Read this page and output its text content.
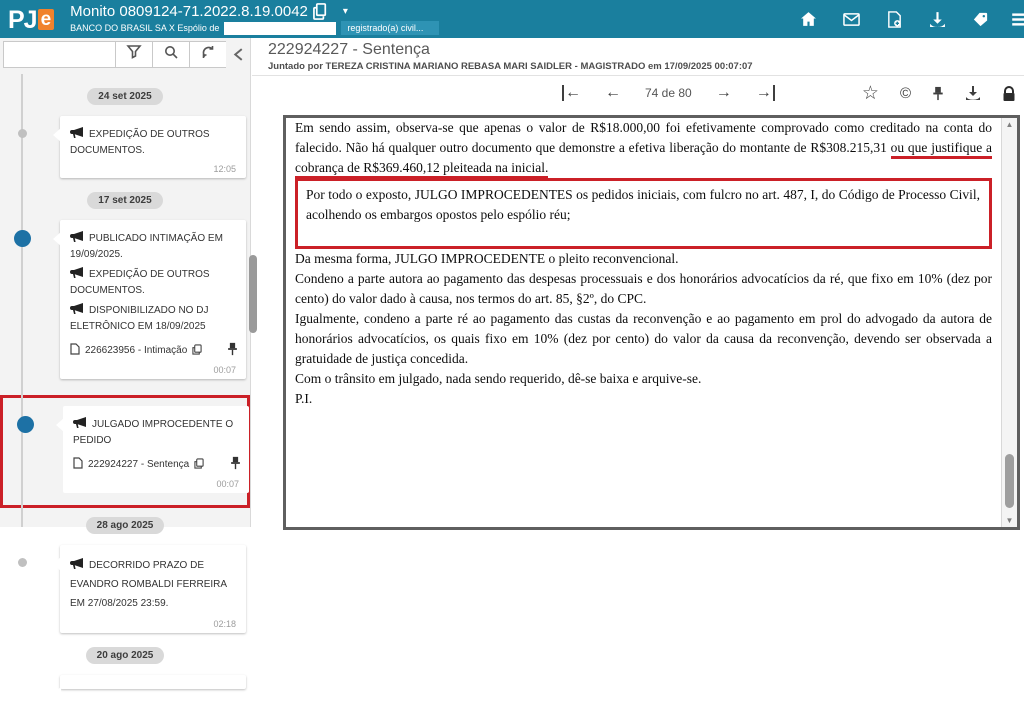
PJ e Monito 0809124-71.2022.8.19.0042	▾
BANCO DO BRASIL SA X Espólio de	registrado(a) civil...
24 set 2025
EXPEDIÇÃO DE OUTROS DOCUMENTOS.
12:05
17 set 2025
PUBLICADO INTIMAÇÃO EM 19/09/2025.
EXPEDIÇÃO DE OUTROS DOCUMENTOS.
DISPONIBILIZADO NO DJ ELETRÔNICO EM 18/09/2025
226623956 - Intimação
00:07
JULGADO IMPROCEDENTE O PEDIDO
222924227 - Sentença
00:07
28 ago 2025
DECORRIDO PRAZO DE EVANDRO ROMBALDI FERREIRA EM 27/08/2025 23:59.
02:18
20 ago 2025
222924227 - Sentença
Juntado por TEREZA CRISTINA MARIANO REBASA MARI SAIDLER - MAGISTRADO em 17/09/2025 00:07:07
← ← 74 de 80 → →	☆ ©

Em sendo assim, observa-se que apenas o valor de R$18.000,00 foi efetivamente comprovado como creditado na conta do falecido. Não há qualquer outro documento que demonstre a efetiva liberação do montante de R$308.215,31 ou que justifique a cobrança de R$369.460,12 pleiteada na inicial.

Por todo o exposto, JULGO IMPROCEDENTES os pedidos iniciais, com fulcro no art. 487, I, do Código de Processo Civil, acolhendo os embargos opostos pelo espólio réu;

Da mesma forma, JULGO IMPROCEDENTE o pleito reconvencional.

Condeno a parte autora ao pagamento das despesas processuais e dos honorários advocatícios da ré, que fixo em 10% (dez por cento) do valor dado à causa, nos termos do art. 85, §2º, do CPC.

Igualmente, condeno a parte ré ao pagamento das custas da reconvenção e ao pagamento em prol do advogado da autora de honorários advocatícios, os quais fixo em 10% (dez por cento) do valor da causa da reconvenção, devendo ser observada a gratuidade de justiça concedida.

Com o trânsito em julgado, nada sendo requerido, dê-se baixa e arquive-se.

P.I.

▲
▼
